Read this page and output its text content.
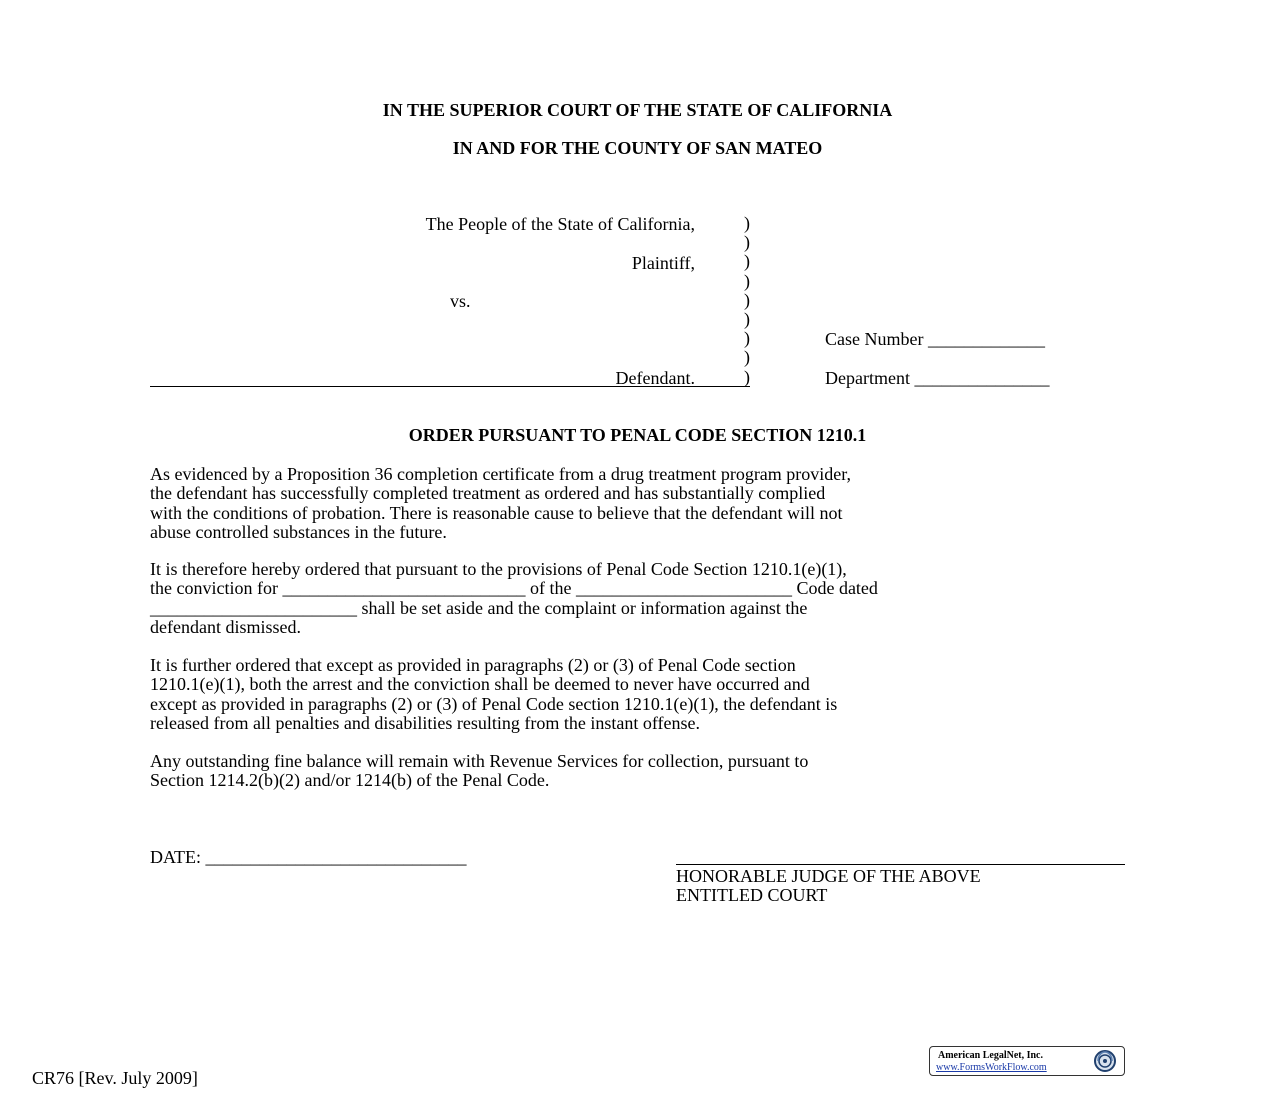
IN THE SUPERIOR COURT OF THE STATE OF CALIFORNIA
IN AND FOR THE COUNTY OF SAN MATEO
The People of the State of California,
Plaintiff,
vs.
Defendant.
)
)
)
)
)
)
)
)
)
Case Number _____________
Department _______________
ORDER PURSUANT TO PENAL CODE SECTION 1210.1

As evidenced by a Proposition 36 completion certificate from a drug treatment program provider,
the defendant has successfully completed treatment as ordered and has substantially complied
with the conditions of probation. There is reasonable cause to believe that the defendant will not
abuse controlled substances in the future.

It is therefore hereby ordered that pursuant to the provisions of Penal Code Section 1210.1(e)(1),
the conviction for ___________________________ of the ________________________ Code dated
_______________________ shall be set aside and the complaint or information against the
defendant dismissed.

It is further ordered that except as provided in paragraphs (2) or (3) of Penal Code section
1210.1(e)(1), both the arrest and the conviction shall be deemed to never have occurred and
except as provided in paragraphs (2) or (3) of Penal Code section 1210.1(e)(1), the defendant is
released from all penalties and disabilities resulting from the instant offense.

Any outstanding fine balance will remain with Revenue Services for collection, pursuant to
Section 1214.2(b)(2) and/or 1214(b) of the Penal Code.

DATE: _____________________________
HONORABLE JUDGE OF THE ABOVE
ENTITLED COURT
CR76 [Rev. July 2009]
American LegalNet, Inc.
www.FormsWorkFlow.com
